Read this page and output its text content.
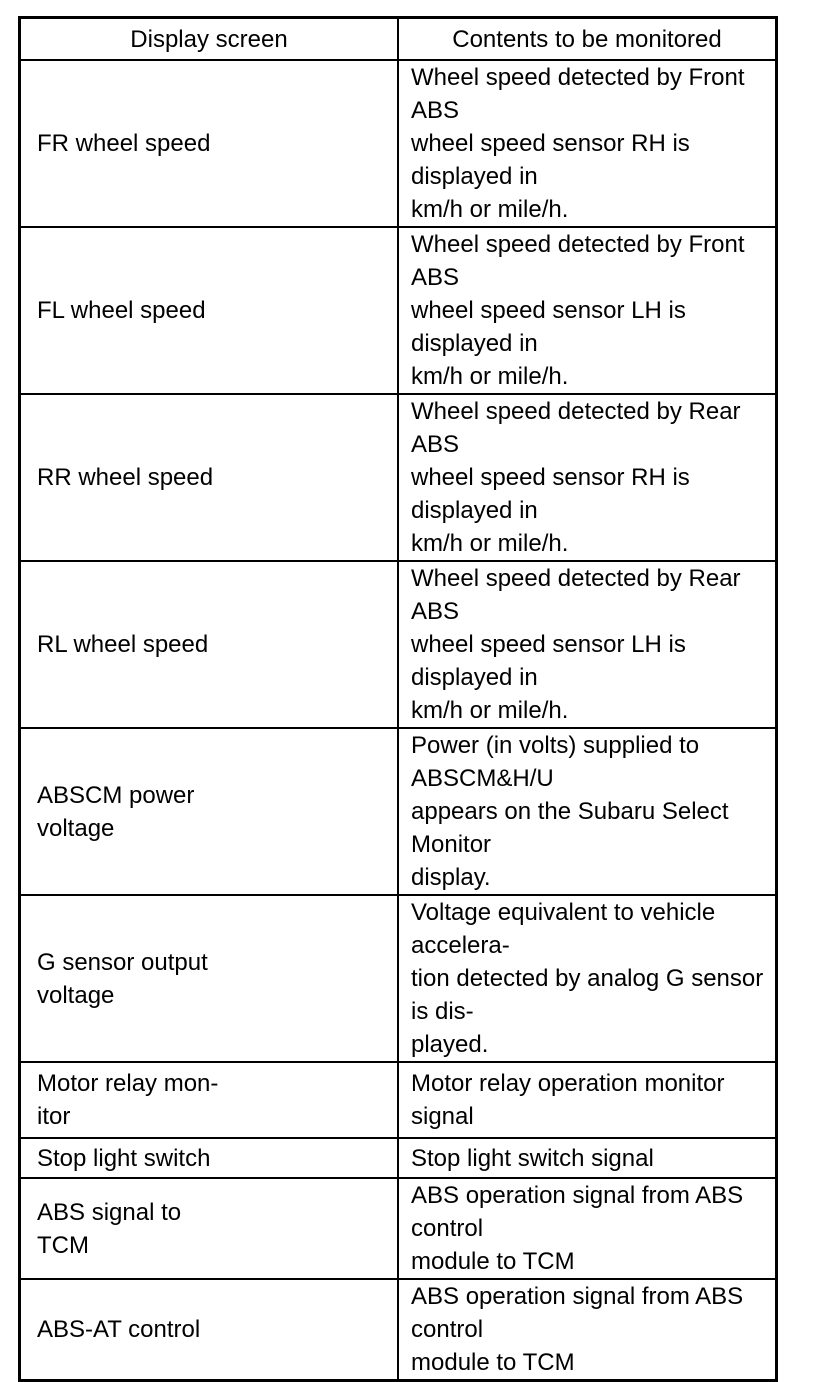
Display screen	Contents to be monitored

FR wheel speed	Wheel speed detected by Front ABS
wheel speed sensor RH is displayed in
km/h or mile/h.

FL wheel speed	Wheel speed detected by Front ABS
wheel speed sensor LH is displayed in
km/h or mile/h.

RR wheel speed	Wheel speed detected by Rear ABS
wheel speed sensor RH is displayed in
km/h or mile/h.

RL wheel speed	Wheel speed detected by Rear ABS
wheel speed sensor LH is displayed in
km/h or mile/h.

ABSCM power
voltage	Power (in volts) supplied to ABSCM&H/U
appears on the Subaru Select Monitor
display.

G sensor output
voltage	Voltage equivalent to vehicle accelera-
tion detected by analog G sensor is dis-
played.

Motor relay mon-
itor	Motor relay operation monitor signal

Stop light switch	Stop light switch signal

ABS signal to
TCM	ABS operation signal from ABS control
module to TCM

ABS-AT control	ABS operation signal from ABS control
module to TCM
